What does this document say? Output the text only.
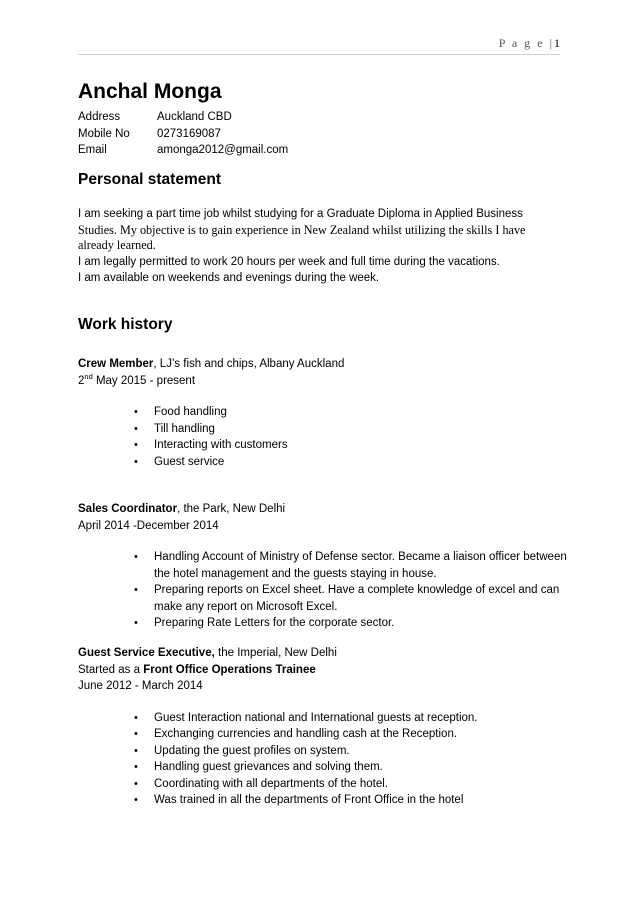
P a g e |1
Anchal Monga
Address	Auckland CBD
Mobile No	0273169087
Email	amonga2012@gmail.com
Personal statement

I am seeking a part time job whilst studying for a Graduate Diploma in Applied Business

Studies. My objective is to gain experience in New Zealand whilst utilizing the skills I have already learned.

I am legally permitted to work 20 hours per week and full time during the vacations.

I am available on weekends and evenings during the week.

Work history

Crew Member, LJ’s fish and chips, Albany Auckland

2nd May 2015 - present

• Food handling
• Till handling
• Interacting with customers
• Guest service

Sales Coordinator, the Park, New Delhi

April 2014 -December 2014

• Handling Account of Ministry of Defense sector. Became a liaison officer between the hotel management and the guests staying in house.
• Preparing reports on Excel sheet. Have a complete knowledge of excel and can make any report on Microsoft Excel.
• Preparing Rate Letters for the corporate sector.

Guest Service Executive, the Imperial, New Delhi

Started as a Front Office Operations Trainee

June 2012 - March 2014

• Guest Interaction national and International guests at reception.
• Exchanging currencies and handling cash at the Reception.
• Updating the guest profiles on system.
• Handling guest grievances and solving them.
• Coordinating with all departments of the hotel.
• Was trained in all the departments of Front Office in the hotel
